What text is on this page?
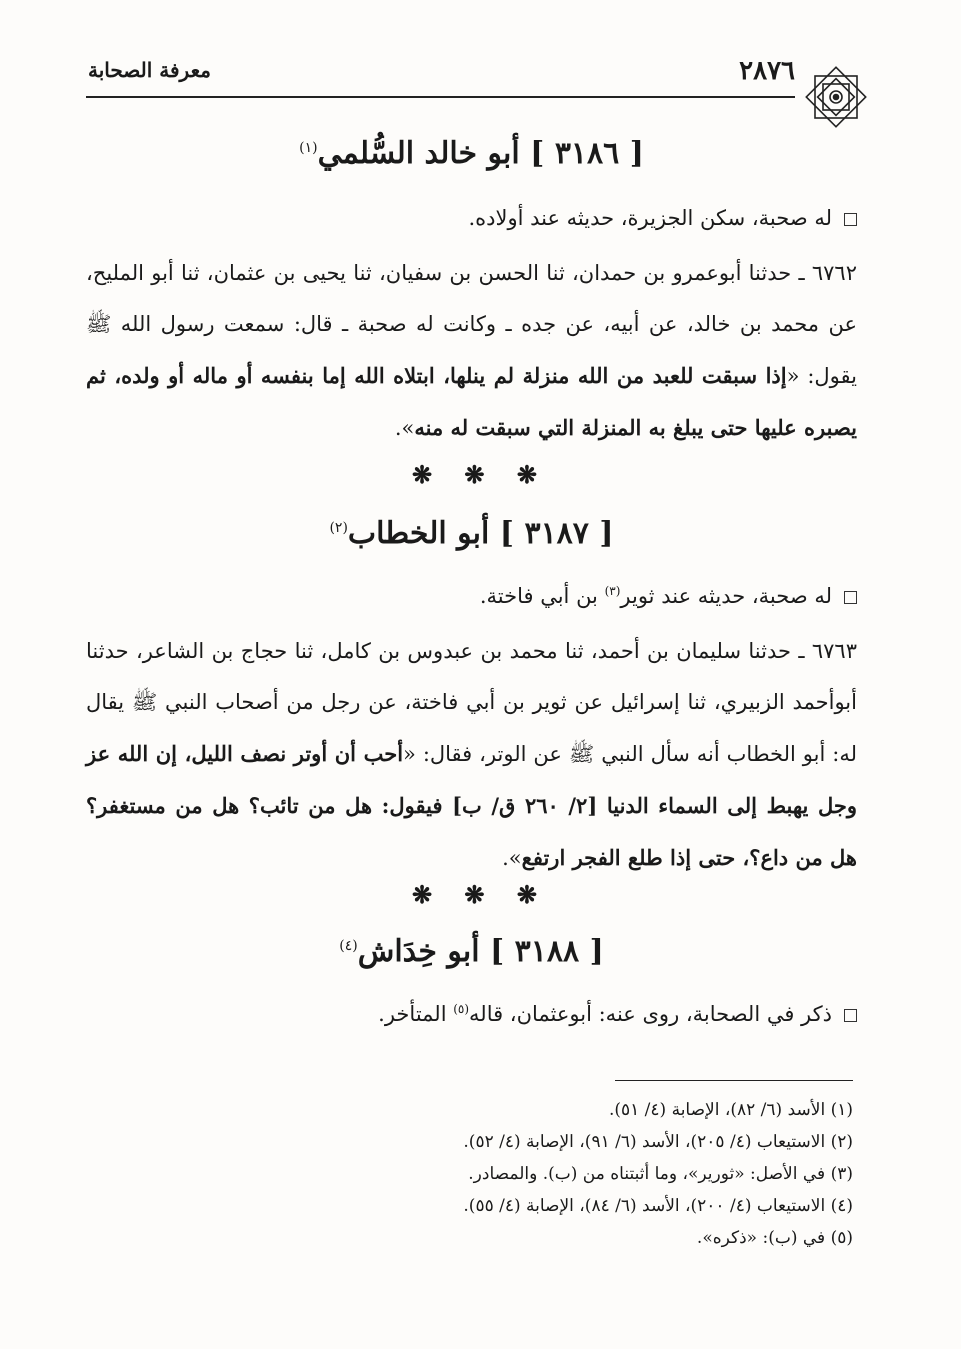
معرفة الصحابة	٢٨٧٦
[ ٣١٨٦ ] أبو خالد السُّلمي$^{(١)}$
له صحبة، سكن الجزيرة، حديثه عند أولاده.
٦٧٦٢ ـ حدثنا أبوعمرو بن حمدان، ثنا الحسن بن سفيان، ثنا يحيى بن عثمان، ثنا أبو المليح، عن محمد بن خالد، عن أبيه، عن جده ـ وكانت له صحبة ـ قال: سمعت رسول الله ﷺ يقول: «إذا سبقت للعبد من الله منزلة لم ينلها، ابتلاه الله إما بنفسه أو ماله أو ولده، ثم يصبره عليها حتى يبلغ به المنزلة التي سبقت له منه».
❋ ❋ ❋
[ ٣١٨٧ ] أبو الخطاب$^{(٢)}$
له صحبة، حديثه عند ثوير$^{(٣)}$ بن أبي فاختة.
٦٧٦٣ ـ حدثنا سليمان بن أحمد، ثنا محمد بن عبدوس بن كامل، ثنا حجاج بن الشاعر، حدثنا أبوأحمد الزبيري، ثنا إسرائيل عن ثوير بن أبي فاختة، عن رجل من أصحاب النبي ﷺ يقال له: أبو الخطاب أنه سأل النبي ﷺ عن الوتر، فقال: «أحب أن أوتر نصف الليل، إن الله عز وجل يهبط إلى السماء الدنيا [٢/ ٢٦٠ ق/ ب] فيقول: هل من تائب؟ هل من مستغفر؟ هل من داع؟، حتى إذا طلع الفجر ارتفع».
❋ ❋ ❋
[ ٣١٨٨ ] أبو خِدَاش$^{(٤)}$
ذكر في الصحابة، روى عنه: أبوعثمان، قاله$^{(٥)}$ المتأخر.
(١) الأسد (٦/ ٨٢)، الإصابة (٤/ ٥١).
(٢) الاستيعاب (٤/ ٢٠٥)، الأسد (٦/ ٩١)، الإصابة (٤/ ٥٢).
(٣) في الأصل: «ثورير»، وما أثبتناه من (ب). والمصادر.
(٤) الاستيعاب (٤/ ٢٠٠)، الأسد (٦/ ٨٤)، الإصابة (٤/ ٥٥).
(٥) في (ب): «ذكره».
